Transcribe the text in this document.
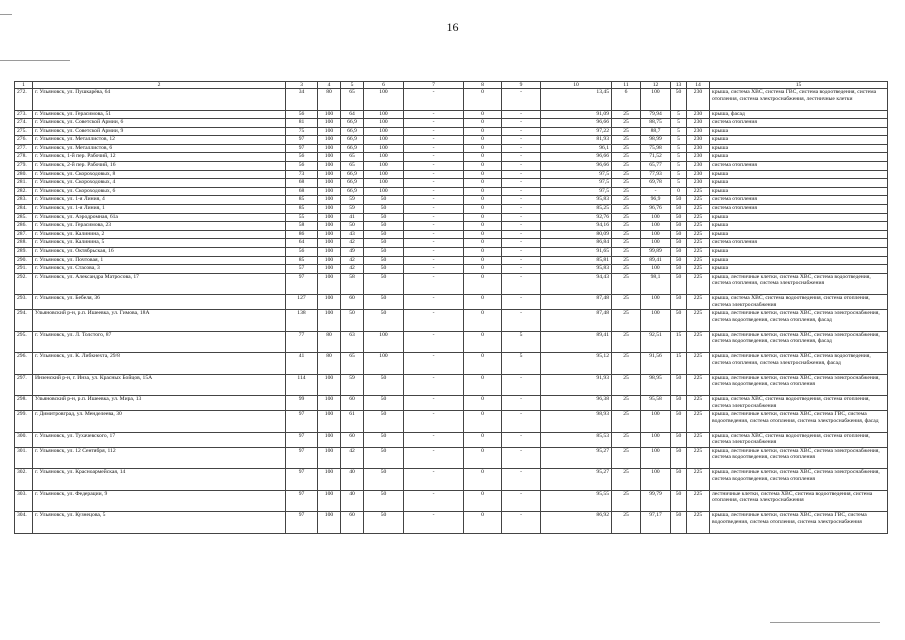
16
1	2	3	4	5	6	7	8	9	10	11	12	13	14	15
272.	г. Ульяновск, ул. Пушкарёва, 64	34	80	65	100	-	0	-	13,45	6	100	50	230	крыша, система ХВС, система ГВС, система водоотведения, система отопления, система электроснабжения, лестничные клетки
273.	г. Ульяновск, ул. Герасимова, 51	56	100	64	100	-	0	-	91,09	25	79,94	5	230	крыша, фасад
274.	г. Ульяновск, ул. Советской Армии, 6	81	100	66,9	100	-	0	-	96,66	25	88,75	5	230	система отопления
275.	г. Ульяновск, ул. Советской Армии, 9	75	100	66,9	100	-	0	-	97,22	25	88,7	5	230	крыша
276.	г. Ульяновск, ул. Металлистов, 12	97	100	66,9	100	-	0	-	81,93	25	98,99	5	230	крыша
277.	г. Ульяновск, ул. Металлистов, 6	97	100	66,9	100	-	0	-	96,1	25	75,98	5	230	крыша
278.	г. Ульяновск, 1-й пер. Рабочий, 12	56	100	65	100	-	0	-	96,66	25	71,52	5	230	крыша
279.	г. Ульяновск, 2-й пер. Рабочий, 16	56	100	65	100	-	0	-	96,66	25	65,77	5	230	система отопления
280.	г. Ульяновск, ул. Скороходовых, 8	73	100	66,9	100	-	0	-	97,5	25	77,93	5	230	крыша
281.	г. Ульяновск, ул. Скороходовых, 4	68	100	66,9	100	-	0	-	97,5	25	69,78	5	230	крыша
282.	г. Ульяновск, ул. Скороходовых, 6	68	100	66,9	100	-	0	-	97,5	25	-	0	225	крыша
283.	г. Ульяновск, ул. 1-я Линия, 4	85	100	59	50	-	0	-	95,83	25	96,9	50	225	система отопления
284.	г. Ульяновск, ул. 1-я Линия, 1	85	100	59	50	-	0	-	85,25	25	96,76	50	225	система отопления
285.	г. Ульяновск, ул. Аэродромная, 61а	55	100	41	50	-	0	-	92,76	25	100	50	225	крыша
286.	г. Ульяновск, ул. Герасимова, 23	58	100	50	50	-	0	-	94,16	25	100	50	225	крыша
287.	г. Ульяновск, ул. Калинина, 2	86	100	43	50	-	0	-	80,09	25	100	50	225	крыша
288.	г. Ульяновск, ул. Калинина, 5	64	100	42	50	-	0	-	86,84	25	100	50	225	система отопления
289.	г. Ульяновск, ул. Октябрьская, 16	56	100	49	50	-	0	-	91,65	25	99,89	50	225	крыша
290.	г. Ульяновск, ул. Почтовая, 1	85	100	42	50	-	0	-	85,81	25	89,41	50	225	крыша
291.	г. Ульяновск, ул. Стасова, 3	57	100	42	50	-	0	-	95,83	25	100	50	225	крыша
292.	г. Ульяновск, ул. Александра Матросова, 17	97	100	58	50	-	0	-	94,43	25	98,1	50	225	крыша, лестничные клетки, система ХВС, система водоотведения, система отопления, система электроснабжения
293.	г. Ульяновск, ул. Бебеля, 36	127	100	60	50	-	0	-	87,48	25	100	50	225	крыша, система ХВС, система водоотведения, система отопления, система электроснабжения
294.	Ульяновский р-н, р.п. Ишеевка, ул. Гимова, 18А	138	100	50	50	-	0	-	87,48	25	100	50	225	крыша, лестничные клетки, система ХВС, система электроснабжения, система водоотведения, система отопления, фасад
295.	г. Ульяновск, ул. Л. Толстого, 87	77	80	63	100	-	0	5	89,41	25	92,51	15	225	крыша, лестничные клетки, система ХВС, система электроснабжения, система водоотведения, система отопления, фасад
296.	г. Ульяновск, ул. К. Либкнехта, 29/8	41	80	65	100	-	0	5	95,12	25	91,56	15	225	крыша, лестничные клетки, система ХВС, система водоотведения, система отопления, система электроснабжения, фасад
297.	Инзенский р-н, г. Инза, ул. Красных Бойцов, 15А	114	100	59	50	-	0	-	91,93	25	98,95	50	225	крыша, лестничные клетки, система ХВС, система электроснабжения, система водоотведения, система отопления
298.	Ульяновский р-н, р.п. Ишеевка, ул. Мира, 13	99	100	60	50	-	0	-	96,38	25	95,58	50	225	крыша, система ХВС, система водоотведения, система отопления, система электроснабжения
299.	г. Димитровград, ул. Менделеева, 30	97	100	61	50	-	0	-	98,93	25	100	50	225	крыша, лестничные клетки, система ХВС, система ГВС, система водоотведения, система отопления, система электроснабжения, фасад
300.	г. Ульяновск, ул. Тухачевского, 17	97	100	60	50	-	0	-	85,53	25	100	50	225	крыша, система ХВС, система водоотведения, система отопления, система электроснабжения
301.	г. Ульяновск, ул. 12 Сентября, 112	97	100	42	50	-	0	-	95,27	25	100	50	225	крыша, лестничные клетки, система ХВС, система электроснабжения, система водоотведения, система отопления
302.	г. Ульяновск, ул. Красноармейская, 14	97	100	40	50	-	0	-	95,27	25	100	50	225	крыша, лестничные клетки, система ХВС, система электроснабжения, система водоотведения, система отопления
303.	г. Ульяновск, ул. Федерации, 9	97	100	40	50	-	0	-	95,55	25	99,79	50	225	лестничные клетки, система ХВС, система водоотведения, система отопления, система электроснабжения
304.	г. Ульяновск, ул. Кузнецова, 5	97	100	60	50	-	0	-	86,92	25	97,17	50	225	крыша, лестничные клетки, система ХВС, система ГВС, система водоотведения, система отопления, система электроснабжения
